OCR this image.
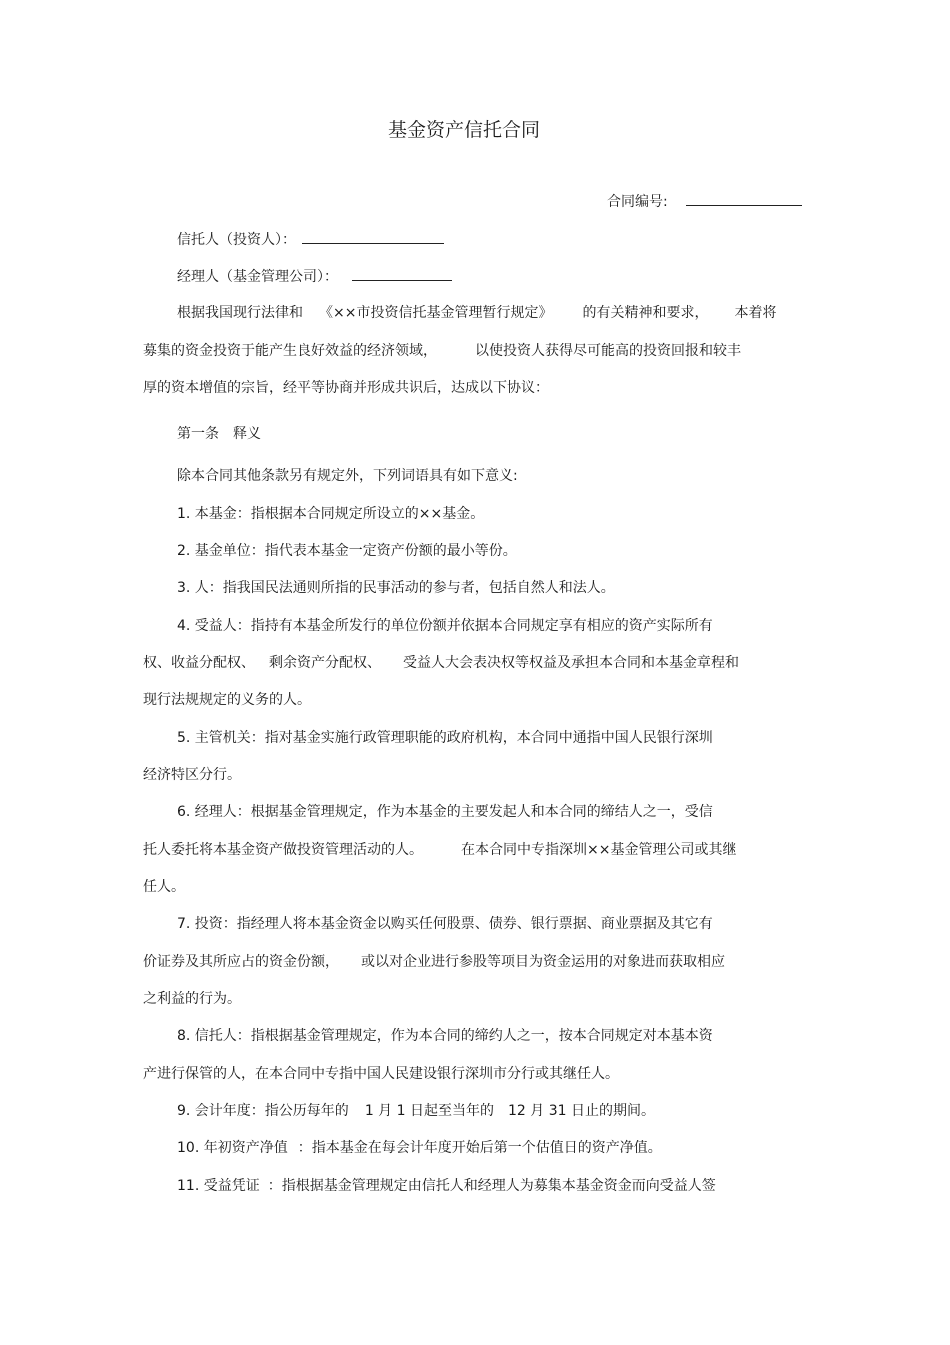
基金资产信托合同
合同编号:
信托人（投资人）：
经理人（基金管理公司）：
根据我国现行法律和 《××市投资信托基金管理暂行规定》 的有关精神和要求， 本着将
募集的资金投资于能产生良好效益的经济领域，	以使投资人获得尽可能高的投资回报和较丰
厚的资本增值的宗旨，经平等协商并形成共识后，达成以下协议：
第一条 释义
除本合同其他条款另有规定外，下列词语具有如下意义:
1. 本基金：指根据本合同规定所设立的××基金。
2. 基金单位：指代表本基金一定资产份额的最小等份。
3. 人：指我国民法通则所指的民事活动的参与者，包括自然人和法人。
4. 受益人：指持有本基金所发行的单位份额并依据本合同规定享有相应的资产实际所有
权、收益分配权、 剩余资产分配权、 受益人大会表决权等权益及承担本合同和本基金章程和
现行法规规定的义务的人。
5. 主管机关：指对基金实施行政管理职能的政府机构，本合同中通指中国人民银行深圳
经济特区分行。
6. 经理人：根据基金管理规定，作为本基金的主要发起人和本合同的缔结人之一，受信
托人委托将本基金资产做投资管理活动的人。	在本合同中专指深圳××基金管理公司或其继
任人。
7. 投资：指经理人将本基金资金以购买任何股票、债券、银行票据、商业票据及其它有
价证券及其所应占的资金份额， 或以对企业进行参股等项目为资金运用的对象进而获取相应
之利益的行为。
8. 信托人：指根据基金管理规定，作为本合同的缔约人之一，按本合同规定对本基本资
产进行保管的人，在本合同中专指中国人民建设银行深圳市分行或其继任人。
9. 会计年度：指公历每年的 1 月 1 日起至当年的 12 月 31 日止的期间。
10. 年初资产净值 ：指本基金在每会计年度开始后第一个估值日的资产净值。
11. 受益凭证 ：指根据基金管理规定由信托人和经理人为募集本基金资金而向受益人签
